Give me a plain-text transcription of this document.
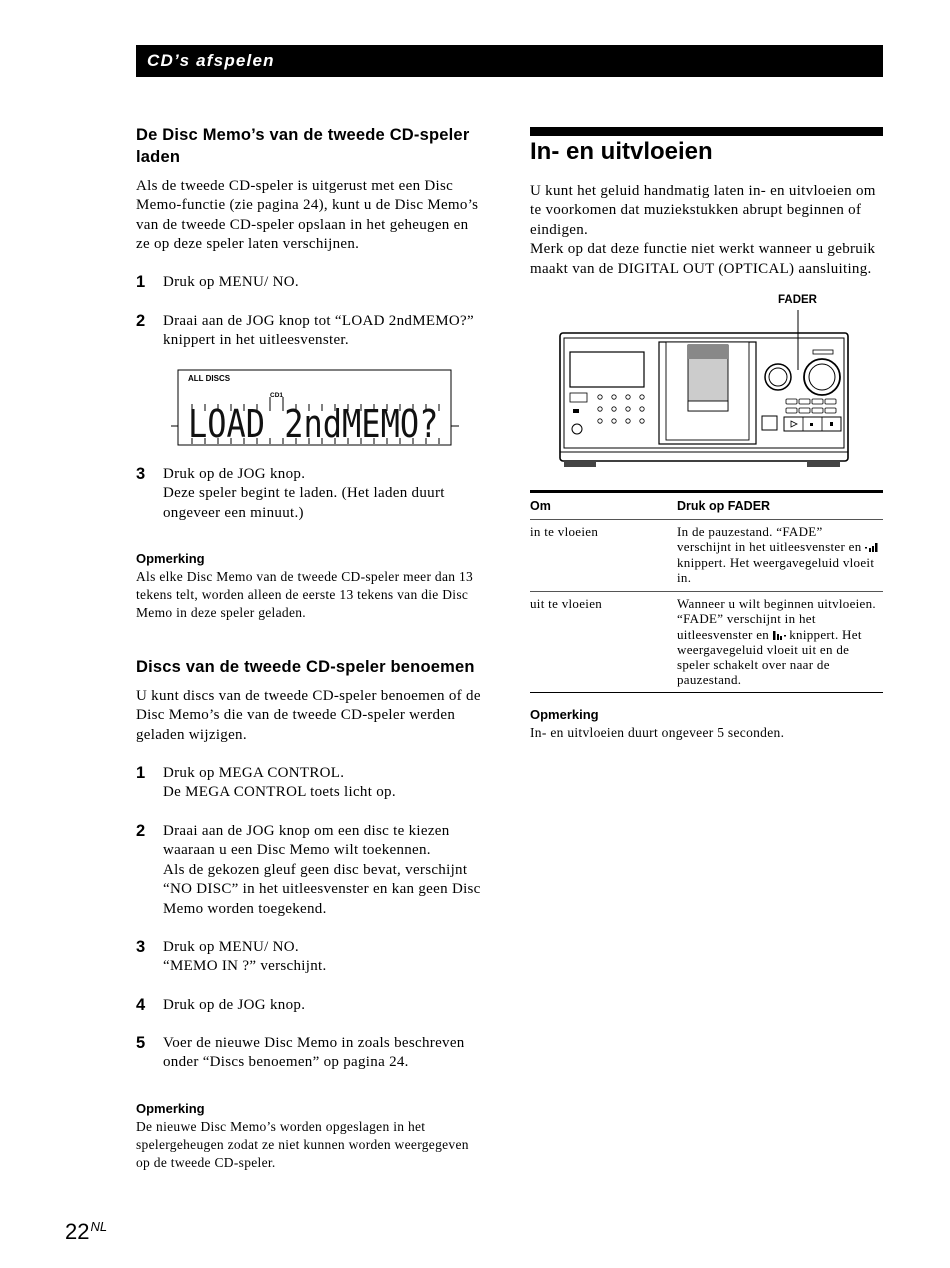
CD’s afspelen
De Disc Memo’s van de tweede CD-speler
laden
Als de tweede CD-speler is uitgerust met een Disc
Memo-functie (zie pagina 24), kunt u de Disc Memo’s
van de tweede CD-speler opslaan in het geheugen en
ze op deze speler laten verschijnen.
1 Druk op MENU/ NO.
2 Draai aan de JOG knop tot “LOAD 2ndMEMO?”
knippert in het uitleesvenster.
ALL DISCS
CD1
LOAD 2ndMEMO?
3 Druk op de JOG knop.
Deze speler begint te laden. (Het laden duurt
ongeveer een minuut.)
Opmerking
Als elke Disc Memo van de tweede CD-speler meer dan 13
tekens telt, worden alleen de eerste 13 tekens van die Disc
Memo in deze speler geladen.
Discs van de tweede CD-speler benoemen
U kunt discs van de tweede CD-speler benoemen of de
Disc Memo’s die van de tweede CD-speler werden
geladen wijzigen.
1 Druk op MEGA CONTROL.
De MEGA CONTROL toets licht op.
2 Draai aan de JOG knop om een disc te kiezen
waaraan u een Disc Memo wilt toekennen.
Als de gekozen gleuf geen disc bevat, verschijnt
“NO DISC” in het uitleesvenster en kan geen Disc
Memo worden toegekend.
3 Druk op MENU/ NO.
“MEMO IN ?” verschijnt.
4 Druk op de JOG knop.
5 Voer de nieuwe Disc Memo in zoals beschreven
onder “Discs benoemen” op pagina 24.
Opmerking
De nieuwe Disc Memo’s worden opgeslagen in het
spelergeheugen zodat ze niet kunnen worden weergegeven
op de tweede CD-speler.
In- en uitvloeien
U kunt het geluid handmatig laten in- en uitvloeien om
te voorkomen dat muziekstukken abrupt beginnen of
eindigen.
Merk op dat deze functie niet werkt wanneer u gebruik
maakt van de DIGITAL OUT (OPTICAL) aansluiting.
FADER
Om	Druk op FADER
in te vloeien	In de pauzestand. “FADE”
verschijnt in het uitleesvenster en
knippert. Het weergavegeluid vloeit
in.
uit te vloeien	Wanneer u wilt beginnen uitvloeien.
“FADE” verschijnt in het
uitleesvenster en knippert. Het
weergavegeluid vloeit uit en de
speler schakelt over naar de
pauzestand.
Opmerking
In- en uitvloeien duurt ongeveer 5 seconden.
$22^{NL}$
